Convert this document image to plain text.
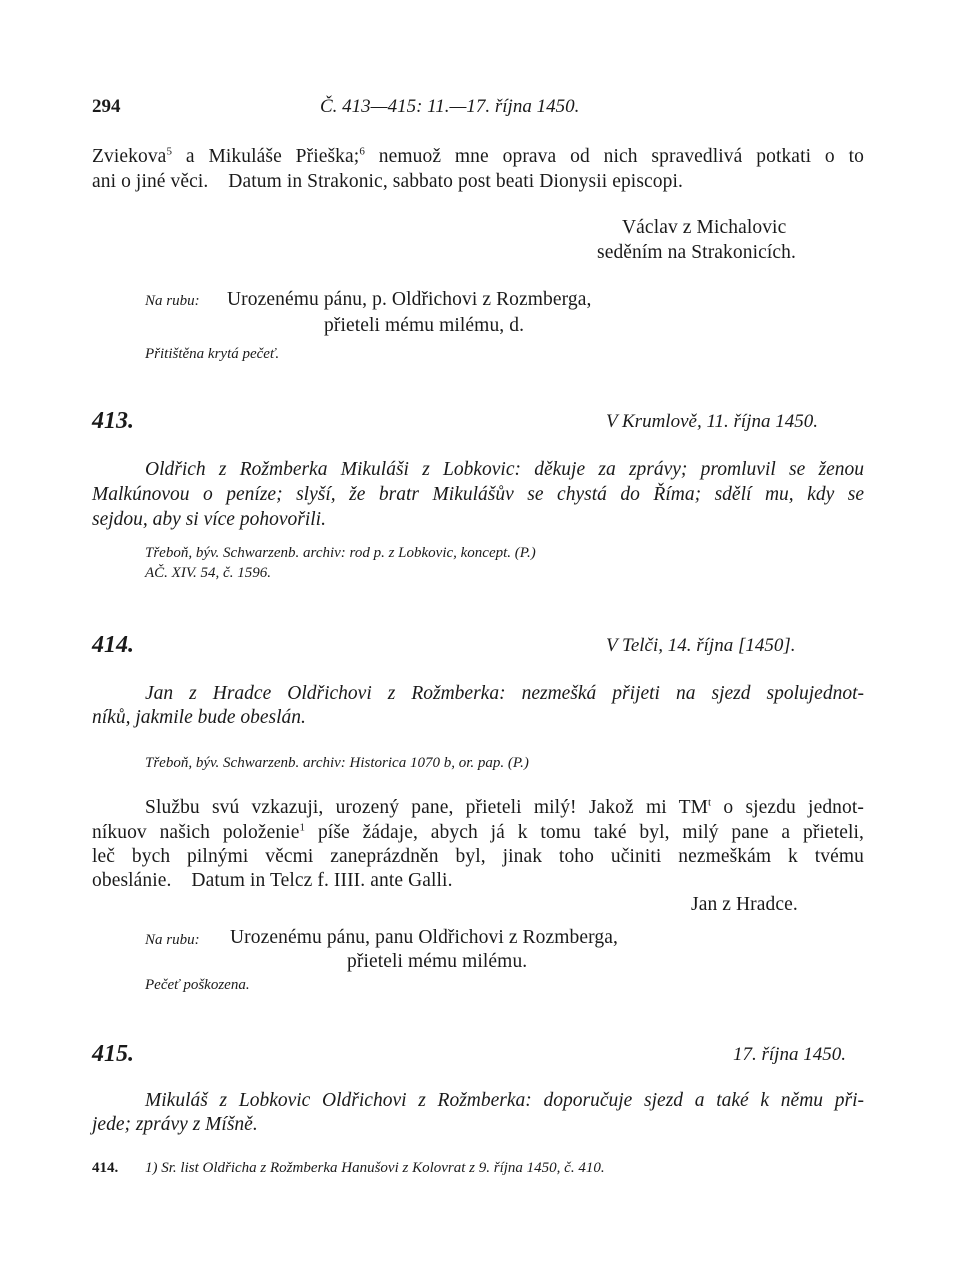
294	Č. 413—415: 11.—17. října 1450.
Zviekova$^5$ a Mikuláše Přieška;$^6$ nemuož mne oprava od nich spravedlivá potkati o to
ani o jiné věci.    Datum in Strakonic, sabbato post beati Dionysii episcopi.
Václav z Michalovic
seděním na Strakonicích.
Na rubu: Urozenému pánu, p. Oldřichovi z Rozmberga,
přieteli mému milému, d.
Přitištěna krytá pečeť.
413.	V Krumlově, 11. října 1450.
Oldřich z Rožmberka Mikuláši z Lobkovic: děkuje za zprávy; promluvil se ženou
Malkúnovou o peníze; slyší, že bratr Mikulášův se chystá do Říma; sdělí mu, kdy se
sejdou, aby si více pohovořili.
Třeboň, býv. Schwarzenb. archiv: rod p. z Lobkovic, koncept. (P.)
AČ. XIV. 54, č. 1596.
414.	V Telči, 14. října [1450].
Jan z Hradce Oldřichovi z Rožmberka: nezmešká přijeti na sjezd spolujednot-
níků, jakmile bude obeslán.
Třeboň, býv. Schwarzenb. archiv: Historica 1070 b, or. pap. (P.)
Službu svú vzkazuji, urozený pane, přieteli milý! Jakož mi $TM^t$ o sjezdu jednot-
níkuov našich položenie$^1$ píše žádaje, abych já k tomu také byl, milý pane a přieteli,
leč bych pilnými věcmi zaneprázdněn byl, jinak toho učiniti nezmeškám k tvému
obeslánie.    Datum in Telcz f. IIII. ante Galli.
Jan z Hradce.
Na rubu: Urozenému pánu, panu Oldřichovi z Rozmberga,
přieteli mému milému.
Pečeť poškozena.
415.	17. října 1450.
Mikuláš z Lobkovic Oldřichovi z Rožmberka: doporučuje sjezd a také k němu při-
jede; zprávy z Míšně.
414. 1) Sr. list Oldřicha z Rožmberka Hanušovi z Kolovrat z 9. října 1450, č. 410.
